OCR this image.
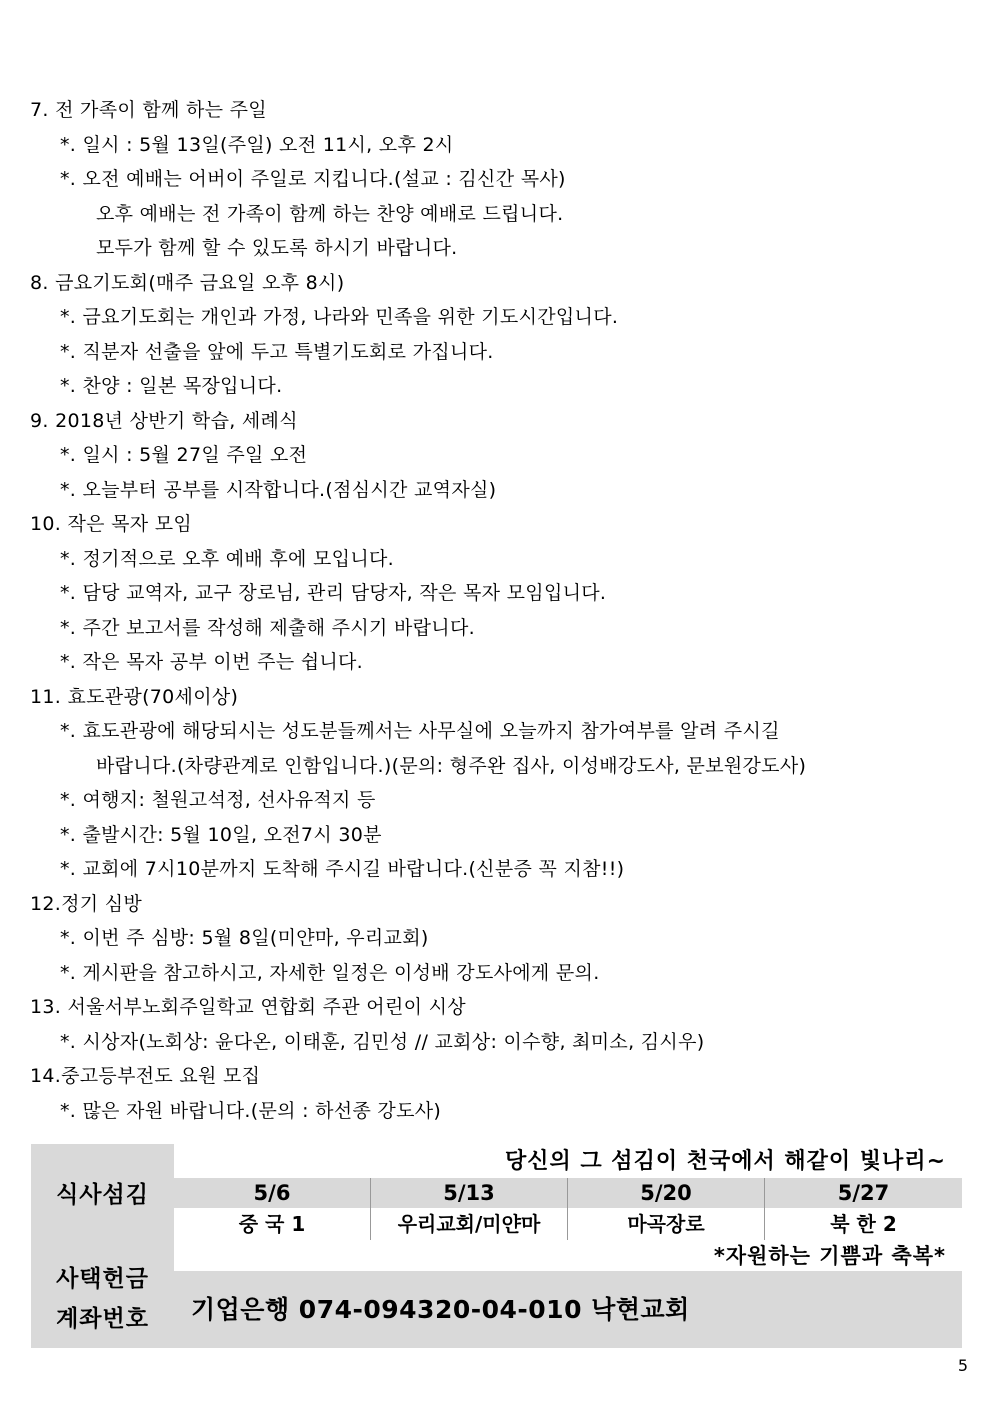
7. 전 가족이 함께 하는 주일
*. 일시 : 5월 13일(주일) 오전 11시, 오후 2시
*. 오전 예배는 어버이 주일로 지킵니다.(설교 : 김신간 목사)
오후 예배는 전 가족이 함께 하는 찬양 예배로 드립니다.
모두가 함께 할 수 있도록 하시기 바랍니다.
8. 금요기도회(매주 금요일 오후 8시)
*. 금요기도회는 개인과 가정, 나라와 민족을 위한 기도시간입니다.
*. 직분자 선출을 앞에 두고 특별기도회로 가집니다.
*. 찬양 : 일본 목장입니다.
9. 2018년 상반기 학습, 세례식
*. 일시 : 5월 27일 주일 오전
*. 오늘부터 공부를 시작합니다.(점심시간 교역자실)
10. 작은 목자 모임
*. 정기적으로 오후 예배 후에 모입니다.
*. 담당 교역자, 교구 장로님, 관리 담당자, 작은 목자 모임입니다.
*. 주간 보고서를 작성해 제출해 주시기 바랍니다.
*. 작은 목자 공부 이번 주는 쉽니다.
11. 효도관광(70세이상)
*. 효도관광에 해당되시는 성도분들께서는 사무실에 오늘까지 참가여부를 알려 주시길
바랍니다.(차량관계로 인함입니다.)(문의: 형주완 집사, 이성배강도사, 문보원강도사)
*. 여행지: 철원고석정, 선사유적지 등
*. 출발시간: 5월 10일, 오전7시 30분
*. 교회에 7시10분까지 도착해 주시길 바랍니다.(신분증 꼭 지참!!)
12.정기 심방
*. 이번 주 심방: 5월 8일(미얀마, 우리교회)
*. 게시판을 참고하시고, 자세한 일정은 이성배 강도사에게 문의.
13. 서울서부노회주일학교 연합회 주관 어린이 시상
*. 시상자(노회상: 윤다온, 이태훈, 김민성 // 교회상: 이수향, 최미소, 김시우)
14.중고등부전도 요원 모집
*. 많은 자원 바랍니다.(문의 : 하선종 강도사)
식사섬김
당신의 그 섬김이 천국에서 해같이 빛나리~
5/6	5/13	5/20	5/27
중 국 1	우리교회/미얀마	마곡장로	북 한 2
사택헌금
계좌번호
*자원하는 기쁨과 축복*
기업은행 074-094320-04-010 낙현교회
5
